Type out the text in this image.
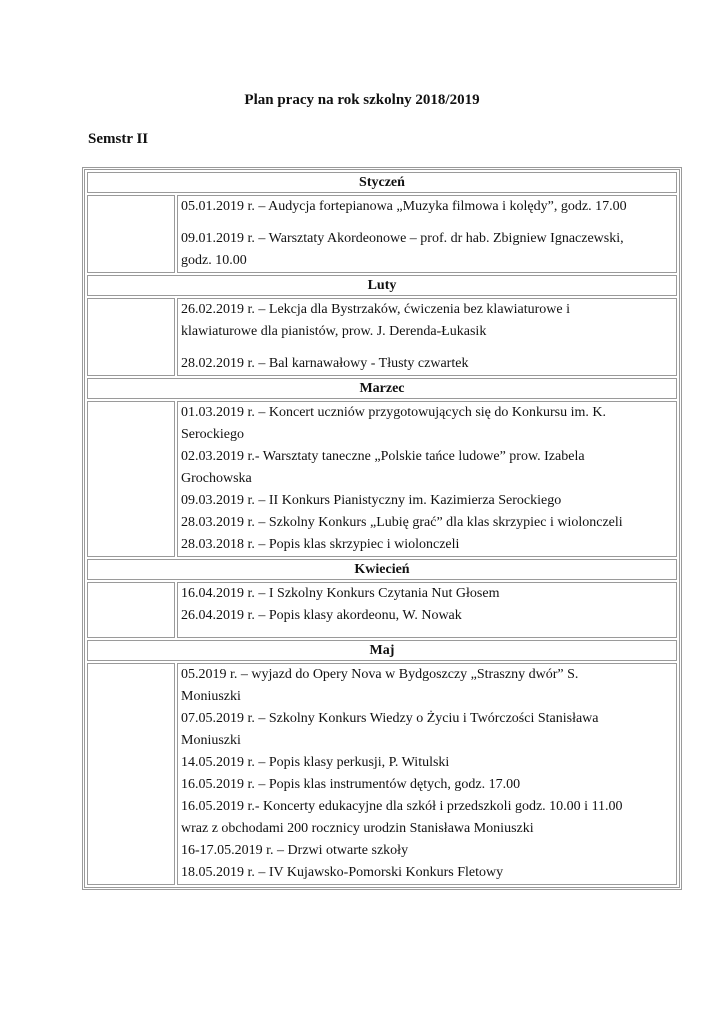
Plan pracy na rok szkolny 2018/2019
Semstr II
Styczeń
05.01.2019 r. – Audycja fortepianowa „Muzyka filmowa i kolędy”, godz. 17.00
09.01.2019 r. – Warsztaty Akordeonowe – prof. dr hab. Zbigniew Ignaczewski,
godz. 10.00
Luty
26.02.2019 r. – Lekcja dla Bystrzaków, ćwiczenia bez klawiaturowe i
klawiaturowe dla pianistów, prow. J. Derenda-Łukasik
28.02.2019 r. – Bal karnawałowy - Tłusty czwartek
Marzec
01.03.2019 r. – Koncert uczniów przygotowujących się do Konkursu im. K.
Serockiego
02.03.2019 r.- Warsztaty taneczne „Polskie tańce ludowe” prow. Izabela
Grochowska
09.03.2019 r. – II Konkurs Pianistyczny im. Kazimierza Serockiego
28.03.2019 r. – Szkolny Konkurs „Lubię grać” dla klas skrzypiec i wiolonczeli
28.03.2018 r. – Popis klas skrzypiec i wiolonczeli
Kwiecień
16.04.2019 r. – I Szkolny Konkurs Czytania Nut Głosem
26.04.2019 r. – Popis klasy akordeonu, W. Nowak
Maj
05.2019 r. – wyjazd do Opery Nova w Bydgoszczy „Straszny dwór” S.
Moniuszki
07.05.2019 r. – Szkolny Konkurs Wiedzy o Życiu i Twórczości Stanisława
Moniuszki
14.05.2019 r. – Popis klasy perkusji, P. Witulski
16.05.2019 r. – Popis klas instrumentów dętych, godz. 17.00
16.05.2019 r.- Koncerty edukacyjne dla szkół i przedszkoli godz. 10.00 i 11.00
wraz z obchodami 200 rocznicy urodzin Stanisława Moniuszki
16-17.05.2019 r. – Drzwi otwarte szkoły
18.05.2019 r. – IV Kujawsko-Pomorski Konkurs Fletowy
